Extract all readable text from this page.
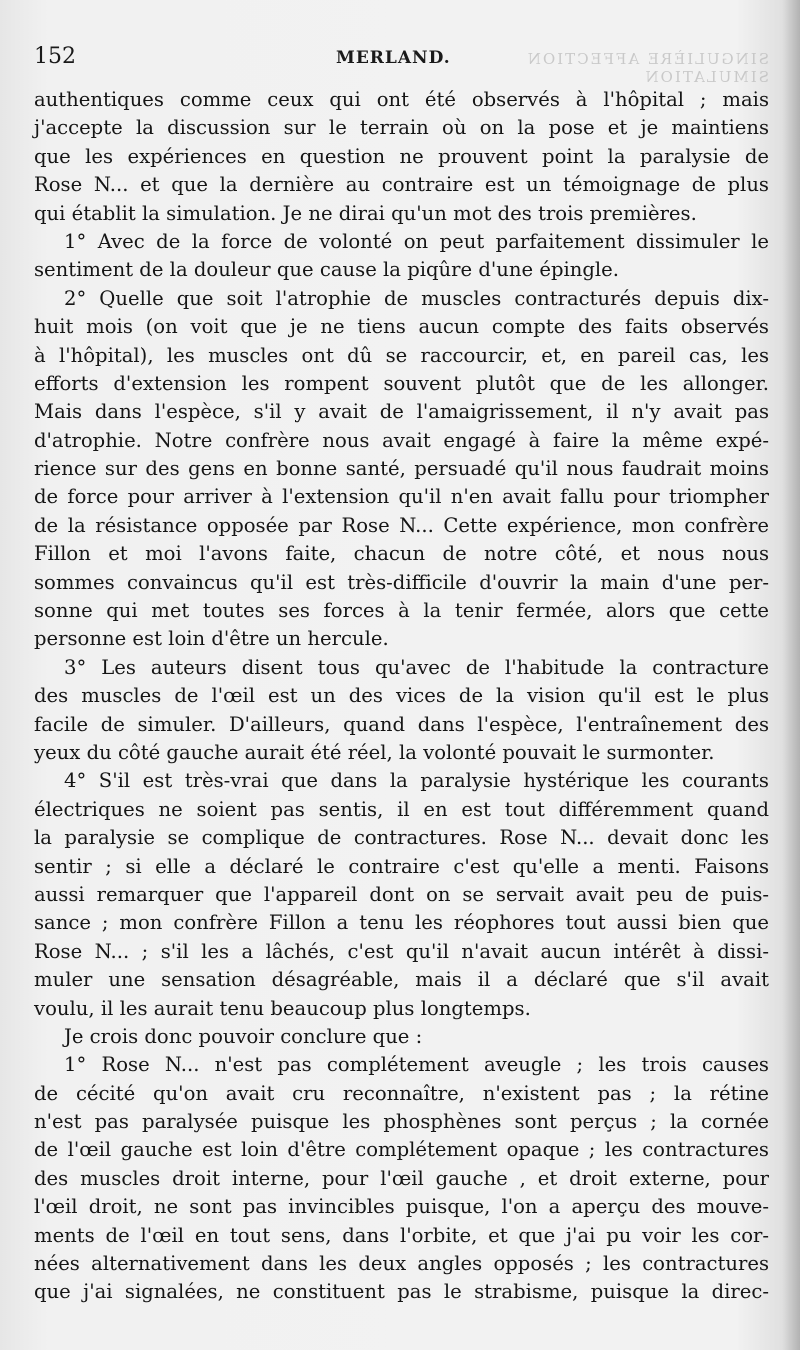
152	MERLAND.	SINGULIÈRE AFFECTION SIMULATION
authentiques comme ceux qui ont été observés à l'hôpital ; mais
j'accepte la discussion sur le terrain où on la pose et je maintiens
que les expériences en question ne prouvent point la paralysie de
Rose N... et que la dernière au contraire est un témoignage de plus
qui établit la simulation. Je ne dirai qu'un mot des trois premières.
1° Avec de la force de volonté on peut parfaitement dissimuler le
sentiment de la douleur que cause la piqûre d'une épingle.
2° Quelle que soit l'atrophie de muscles contracturés depuis dix-
huit mois (on voit que je ne tiens aucun compte des faits observés
à l'hôpital), les muscles ont dû se raccourcir, et, en pareil cas, les
efforts d'extension les rompent souvent plutôt que de les allonger.
Mais dans l'espèce, s'il y avait de l'amaigrissement, il n'y avait pas
d'atrophie. Notre confrère nous avait engagé à faire la même expé-
rience sur des gens en bonne santé, persuadé qu'il nous faudrait moins
de force pour arriver à l'extension qu'il n'en avait fallu pour triompher
de la résistance opposée par Rose N... Cette expérience, mon confrère
Fillon et moi l'avons faite, chacun de notre côté, et nous nous
sommes convaincus qu'il est très-difficile d'ouvrir la main d'une per-
sonne qui met toutes ses forces à la tenir fermée, alors que cette
personne est loin d'être un hercule.
3° Les auteurs disent tous qu'avec de l'habitude la contracture
des muscles de l'œil est un des vices de la vision qu'il est le plus
facile de simuler. D'ailleurs, quand dans l'espèce, l'entraînement des
yeux du côté gauche aurait été réel, la volonté pouvait le surmonter.
4° S'il est très-vrai que dans la paralysie hystérique les courants
électriques ne soient pas sentis, il en est tout différemment quand
la paralysie se complique de contractures. Rose N... devait donc les
sentir ; si elle a déclaré le contraire c'est qu'elle a menti. Faisons
aussi remarquer que l'appareil dont on se servait avait peu de puis-
sance ; mon confrère Fillon a tenu les réophores tout aussi bien que
Rose N... ; s'il les a lâchés, c'est qu'il n'avait aucun intérêt à dissi-
muler une sensation désagréable, mais il a déclaré que s'il avait
voulu, il les aurait tenu beaucoup plus longtemps.
Je crois donc pouvoir conclure que :
1° Rose N... n'est pas complétement aveugle ; les trois causes
de cécité qu'on avait cru reconnaître, n'existent pas ; la rétine
n'est pas paralysée puisque les phosphènes sont perçus ; la cornée
de l'œil gauche est loin d'être complétement opaque ; les contractures
des muscles droit interne, pour l'œil gauche , et droit externe, pour
l'œil droit, ne sont pas invincibles puisque, l'on a aperçu des mouve-
ments de l'œil en tout sens, dans l'orbite, et que j'ai pu voir les cor-
nées alternativement dans les deux angles opposés ; les contractures
que j'ai signalées, ne constituent pas le strabisme, puisque la direc-
